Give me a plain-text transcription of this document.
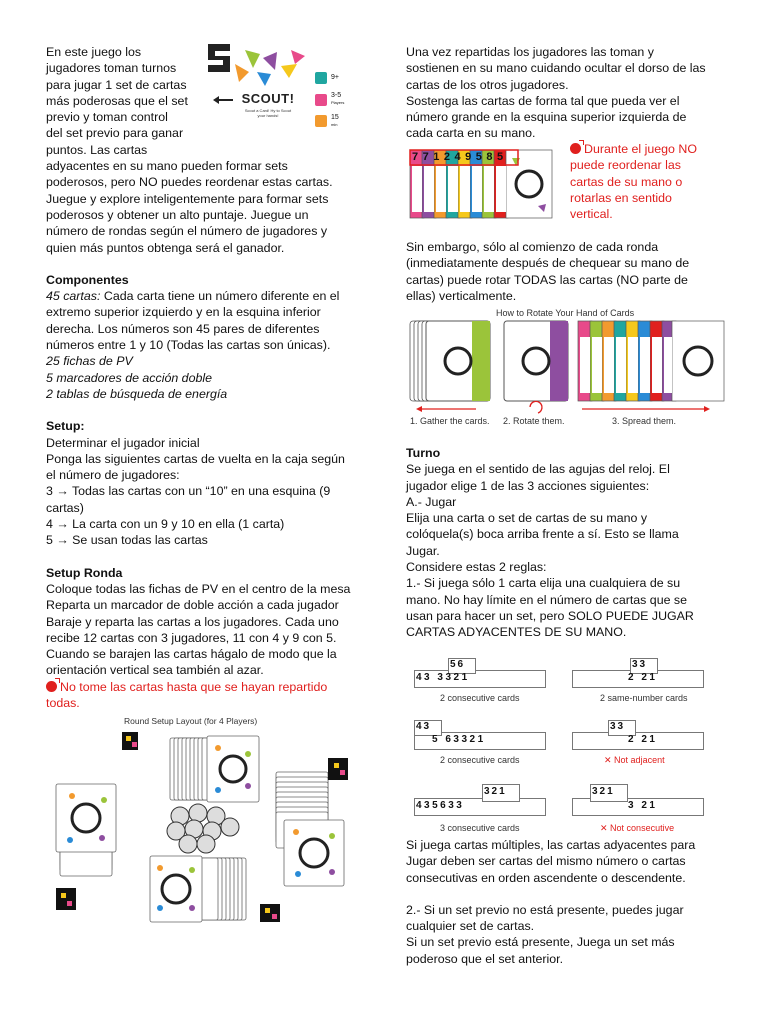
En este juego los

jugadores toman turnos

para jugar 1 set de cartas

más poderosas que el set

previo y toman control

del set previo para ganar

puntos. Las cartas

adyacentes en su mano pueden formar sets

poderosos, pero NO puedes reordenar estas cartas.

Juegue y explore inteligentemente para formar sets

poderosos y obtener un alto puntaje. Juegue un

número de rondas según el número de jugadores y

quien más puntos obtenga será el ganador.

Componentes

45 cartas: Cada carta tiene un número diferente en el

extremo superior izquierdo y en la esquina inferior

derecha. Los números son 45 pares de diferentes

números entre 1 y 10 (Todas las cartas son únicas).

25 fichas de PV

5 marcadores de acción doble

2 tablas de búsqueda de energía

Setup:

Determinar el jugador inicial

Ponga las siguientes cartas de vuelta en la caja según

el número de jugadores:

3 → Todas las cartas con un “10” en una esquina (9

cartas)

4 → La carta con un 9 y 10 en ella (1 carta)

5 → Se usan todas las cartas

Setup Ronda

Coloque todas las fichas de PV en el centro de la mesa

Reparta un marcador de doble acción a cada jugador

Baraje y reparta las cartas a los jugadores. Cada uno

recibe 12 cartas con 3 jugadores, 11 con 4 y 9 con 5.

Cuando se barajen las cartas hágalo de modo que la

orientación vertical sea también al azar.

No tome las cartas hasta que se hayan repartido

todas.

SCOUT!
Scout a Card! Hy to Scout your hands!
9+
3-5
Players
15
min
Round Setup Layout (for 4 Players)

Una vez repartidas los jugadores las toman y

sostienen en su mano cuidando ocultar el dorso de las

cartas de los otros jugadores.

Sostenga las cartas de forma tal que pueda ver el

número grande en la esquina superior izquierda de

cada carta en su mano.

771249585

Durante el juego NO

puede reordenar las

cartas de su mano o

rotarlas en sentido

vertical.

Sin embargo, sólo al comienzo de cada ronda

(inmediatamente después de chequear su mano de

cartas) puede rotar TODAS las cartas (NO parte de

ellas) verticalmente.

How to Rotate Your Hand of Cards
1. Gather the cards. 2. Rotate them.	3. Spread them.

Turno

Se juega en el sentido de las agujas del reloj. El

jugador elige 1 de las 3 acciones siguientes:

A.- Jugar

Elija una carta o set de cartas de su mano y

colóquela(s) boca arriba frente a sí. Esto se llama

Jugar.

Considere estas 2 reglas:

1.- Si juega sólo 1 carta elija una cualquiera de su

mano. No hay límite en el número de cartas que se

usan para hacer un set, pero SOLO PUEDE JUGAR

CARTAS ADYACENTES DE SU MANO.

56
43 3321
2 consecutive cards
33
2 21
2 same-number cards
43
5 63321
2 consecutive cards
33
2 21
✕ Not adjacent
321
435633
3 consecutive cards
321
3 21
✕ Not consecutive

Si juega cartas múltiples, las cartas adyacentes para

Jugar deben ser cartas del mismo número o cartas

consecutivas en orden ascendente o descendente.

2.- Si un set previo no está presente, puedes jugar

cualquier set de cartas.

Si un set previo está presente, Juega un set más

poderoso que el set anterior.
